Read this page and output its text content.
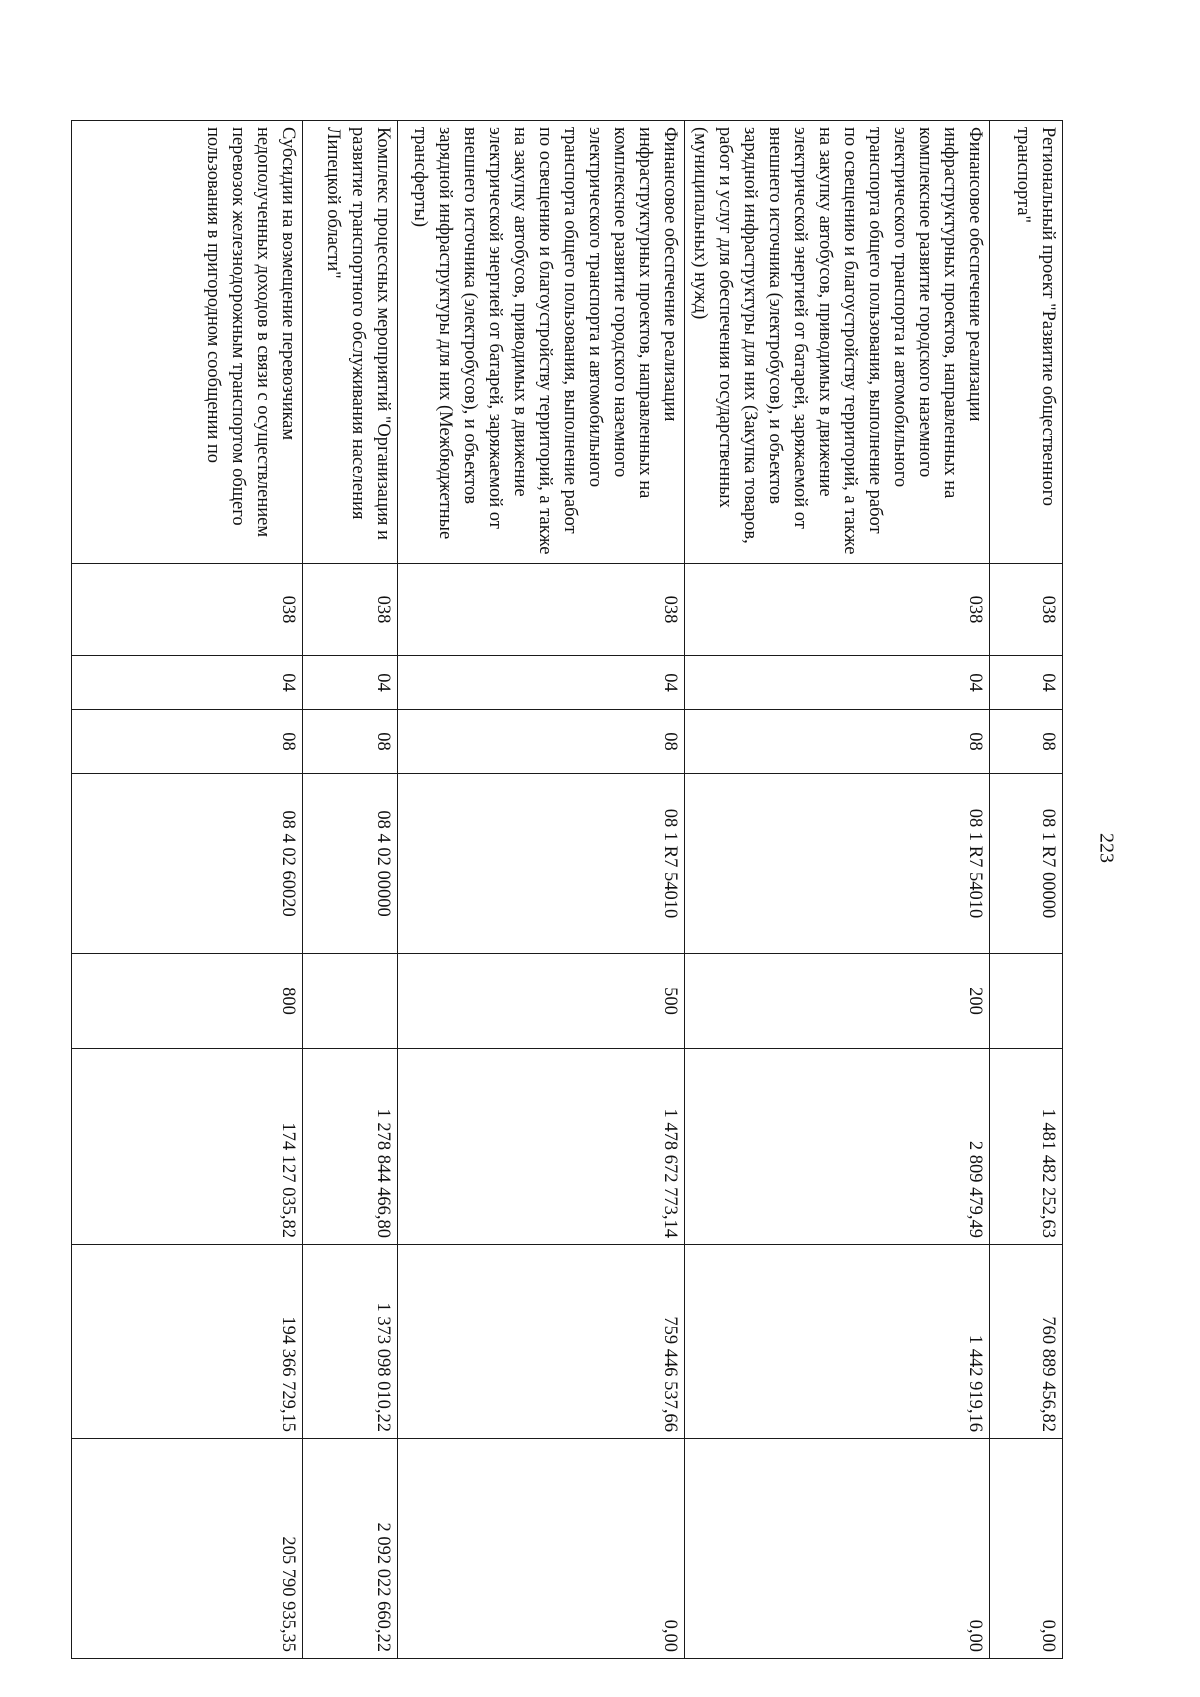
223
Региональный проект "Развитие общественного транспорта"	038	04	08	08 1 R7 00000		1 481 482 252,63	760 889 456,82	0,00
Финансовое обеспечение реализации инфраструктурных проектов, направленных на комплексное развитие городского наземного электрического транспорта и автомобильного транспорта общего пользования, выполнение работ по освещению и благоустройству территорий, а также на закупку автобусов, приводимых в движение электрической энергией от батарей, заряжаемой от внешнего источника (электробусов), и объектов зарядной инфраструктуры для них (Закупка товаров, работ и услуг для обеспечения государственных (муниципальных) нужд)	038	04	08	08 1 R7 54010	200	2 809 479,49	1 442 919,16	0,00
Финансовое обеспечение реализации инфраструктурных проектов, направленных на комплексное развитие городского наземного электрического транспорта и автомобильного транспорта общего пользования, выполнение работ по освещению и благоустройству территорий, а также на закупку автобусов, приводимых в движение электрической энергией от батарей, заряжаемой от внешнего источника (электробусов), и объектов зарядной инфраструктуры для них (Межбюджетные трансферты)	038	04	08	08 1 R7 54010	500	1 478 672 773,14	759 446 537,66	0,00
Комплекс процессных мероприятий "Организация и развитие транспортного обслуживания населения Липецкой области"	038	04	08	08 4 02 00000		1 278 844 466,80	1 373 098 010,22	2 092 022 660,22
Субсидии на возмещение перевозчикам недополученных доходов в связи с осуществлением перевозок железнодорожным транспортом общего пользования в пригородном сообщении по	038	04	08	08 4 02 60020	800	174 127 035,82	194 366 729,15	205 790 935,35
